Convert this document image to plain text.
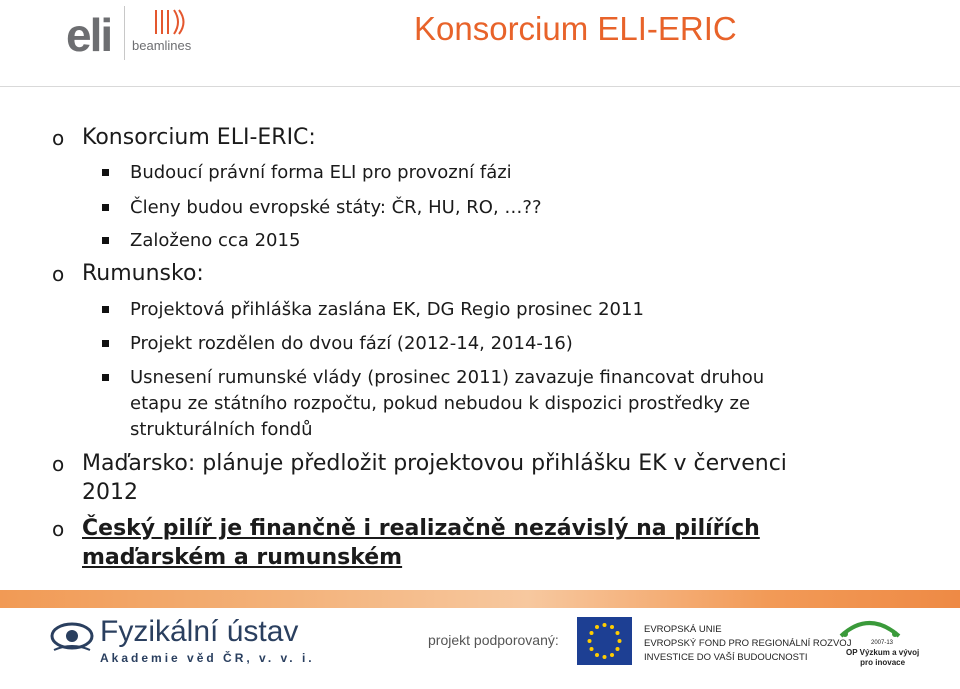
eli beamlines	Konsorcium ELI-ERIC
o Konsorcium ELI-ERIC:
Budoucí právní forma ELI pro provozní fázi
Členy budou evropské státy: ČR, HU, RO, …??
Založeno cca 2015
o Rumunsko:
Projektová přihláška zaslána EK, DG Regio prosinec 2011
Projekt rozdělen do dvou fází (2012-14, 2014-16)
Usnesení rumunské vlády (prosinec 2011) zavazuje financovat druhou
etapu ze státního rozpočtu, pokud nebudou k dispozici prostředky ze
strukturálních fondů
o Maďarsko: plánuje předložit projektovou přihlášku EK v červenci
2012
o Český pilíř je finančně i realizačně nezávislý na pilířích
maďarském a rumunském
Fyzikální ústav
Akademie věd ČR, v. v. i.
projekt podporovaný:
EVROPSKÁ UNIE
EVROPSKÝ FOND PRO REGIONÁLNÍ ROZVOJ
INVESTICE DO VAŠÍ BUDOUCNOSTI
2007-13
OP Výzkum a vývoj
pro inovace
